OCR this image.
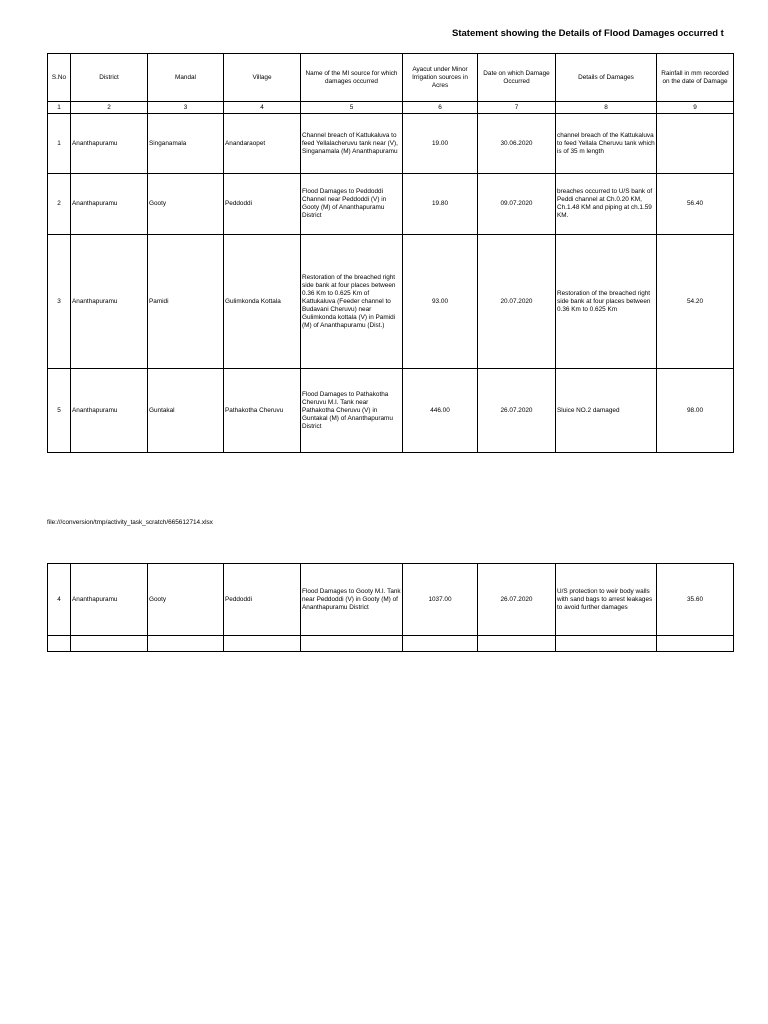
Statement showing the Details of Flood Damages occurred t
S.No	District	Mandal	Village	Name of the MI source for which damages occurred	Ayacut under Minor Irrigation sources in Acres	Date on which Damage Occurred	Details of Damages	Rainfall in mm recorded on the date of Damage
1	2	3	4	5	6	7	8	9
1	Ananthapuramu	Singanamala	Anandaraopet	Channel breach of Kattukaluva to feed Yellalacheruvu tank near (V), Singanamala (M) Ananthapuramu	19.00	30.06.2020	channel breach of the Kattukaluva to feed Yellala Cheruvu tank which is of 35 m length	
2	Ananthapuramu	Gooty	Peddoddi	Flood Damages to Peddoddi Channel near Peddoddi (V) in Gooty (M) of Ananthapuramu District	19.80	09.07.2020	breaches occurred to U/S bank of Peddi channel at Ch.0.20 KM, Ch.1.48 KM and piping at ch.1.59 KM.	56.40
3	Ananthapuramu	Pamidi	Gulimkonda Kottala	Restoration of the breached right side bank at four places between 0.36 Km to 0.625 Km of Kattukaluva (Feeder channel to Budavani Cheruvu) near Gulimkonda kottala (V) in Pamidi (M) of Ananthapuramu (Dist.)	93.00	20.07.2020	Restoration of the breached right side bank at four places between 0.36 Km to 0.625 Km	54.20
5	Ananthapuramu	Guntakal	Pathakotha Cheruvu	Flood Damages to Pathakotha Cheruvu M.I. Tank near Pathakotha Cheruvu (V) in Guntakal (M) of Ananthapuramu District	446.00	26.07.2020	Sluice NO.2 damaged	98.00
file:///conversion/tmp/activity_task_scratch/665612714.xlsx
4	Ananthapuramu	Gooty	Peddoddi	Flood Damages to Gooty M.I. Tank near Peddoddi (V) in Gooty (M) of Ananthapuramu District	1037.00	26.07.2020	U/S protection to weir body walls with sand bags to arrest leakages to avoid further damages	35.60
